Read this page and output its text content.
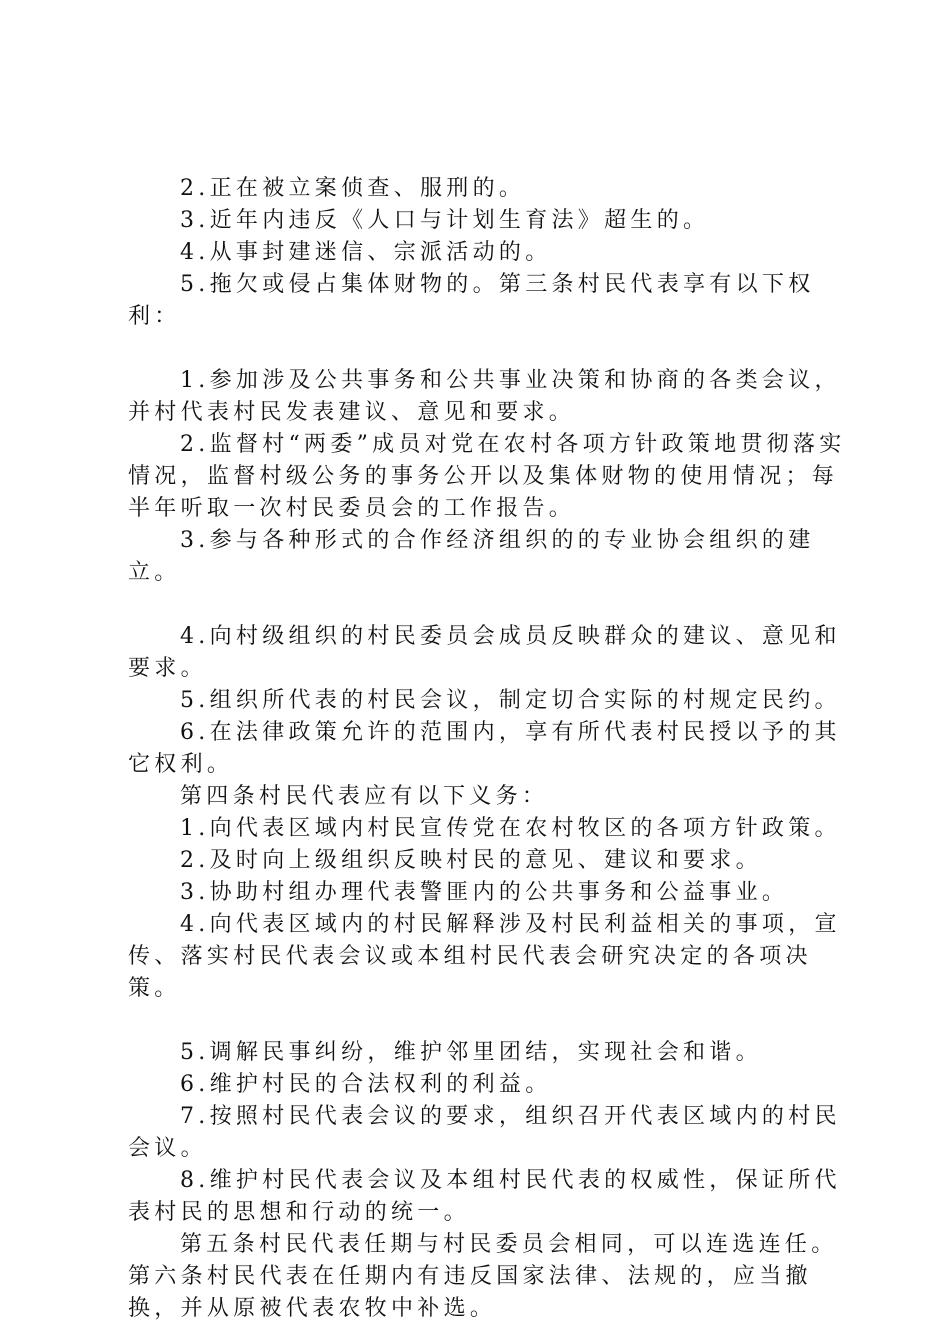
2.正在被立案侦查、服刑的。

3.近年内违反《人口与计划生育法》超生的。

4.从事封建迷信、宗派活动的。

5.拖欠或侵占集体财物的。第三条村民代表享有以下权利：

1.参加涉及公共事务和公共事业决策和协商的各类会议，并村代表村民发表建议、意见和要求。

2.监督村“两委”成员对党在农村各项方针政策地贯彻落实情况，监督村级公务的事务公开以及集体财物的使用情况；每半年听取一次村民委员会的工作报告。

3.参与各种形式的合作经济组织的的专业协会组织的建立。

4.向村级组织的村民委员会成员反映群众的建议、意见和要求。

5.组织所代表的村民会议，制定切合实际的村规定民约。

6.在法律政策允许的范围内，享有所代表村民授以予的其它权利。

第四条村民代表应有以下义务：

1.向代表区域内村民宣传党在农村牧区的各项方针政策。

2.及时向上级组织反映村民的意见、建议和要求。

3.协助村组办理代表警匪内的公共事务和公益事业。

4.向代表区域内的村民解释涉及村民利益相关的事项，宣传、落实村民代表会议或本组村民代表会研究决定的各项决策。

5.调解民事纠纷，维护邻里团结，实现社会和谐。

6.维护村民的合法权利的利益。

7.按照村民代表会议的要求，组织召开代表区域内的村民会议。

8.维护村民代表会议及本组村民代表的权威性，保证所代表村民的思想和行动的统一。

第五条村民代表任期与村民委员会相同，可以连选连任。

第六条村民代表在任期内有违反国家法律、法规的，应当撤换，并从原被代表农牧中补选。
